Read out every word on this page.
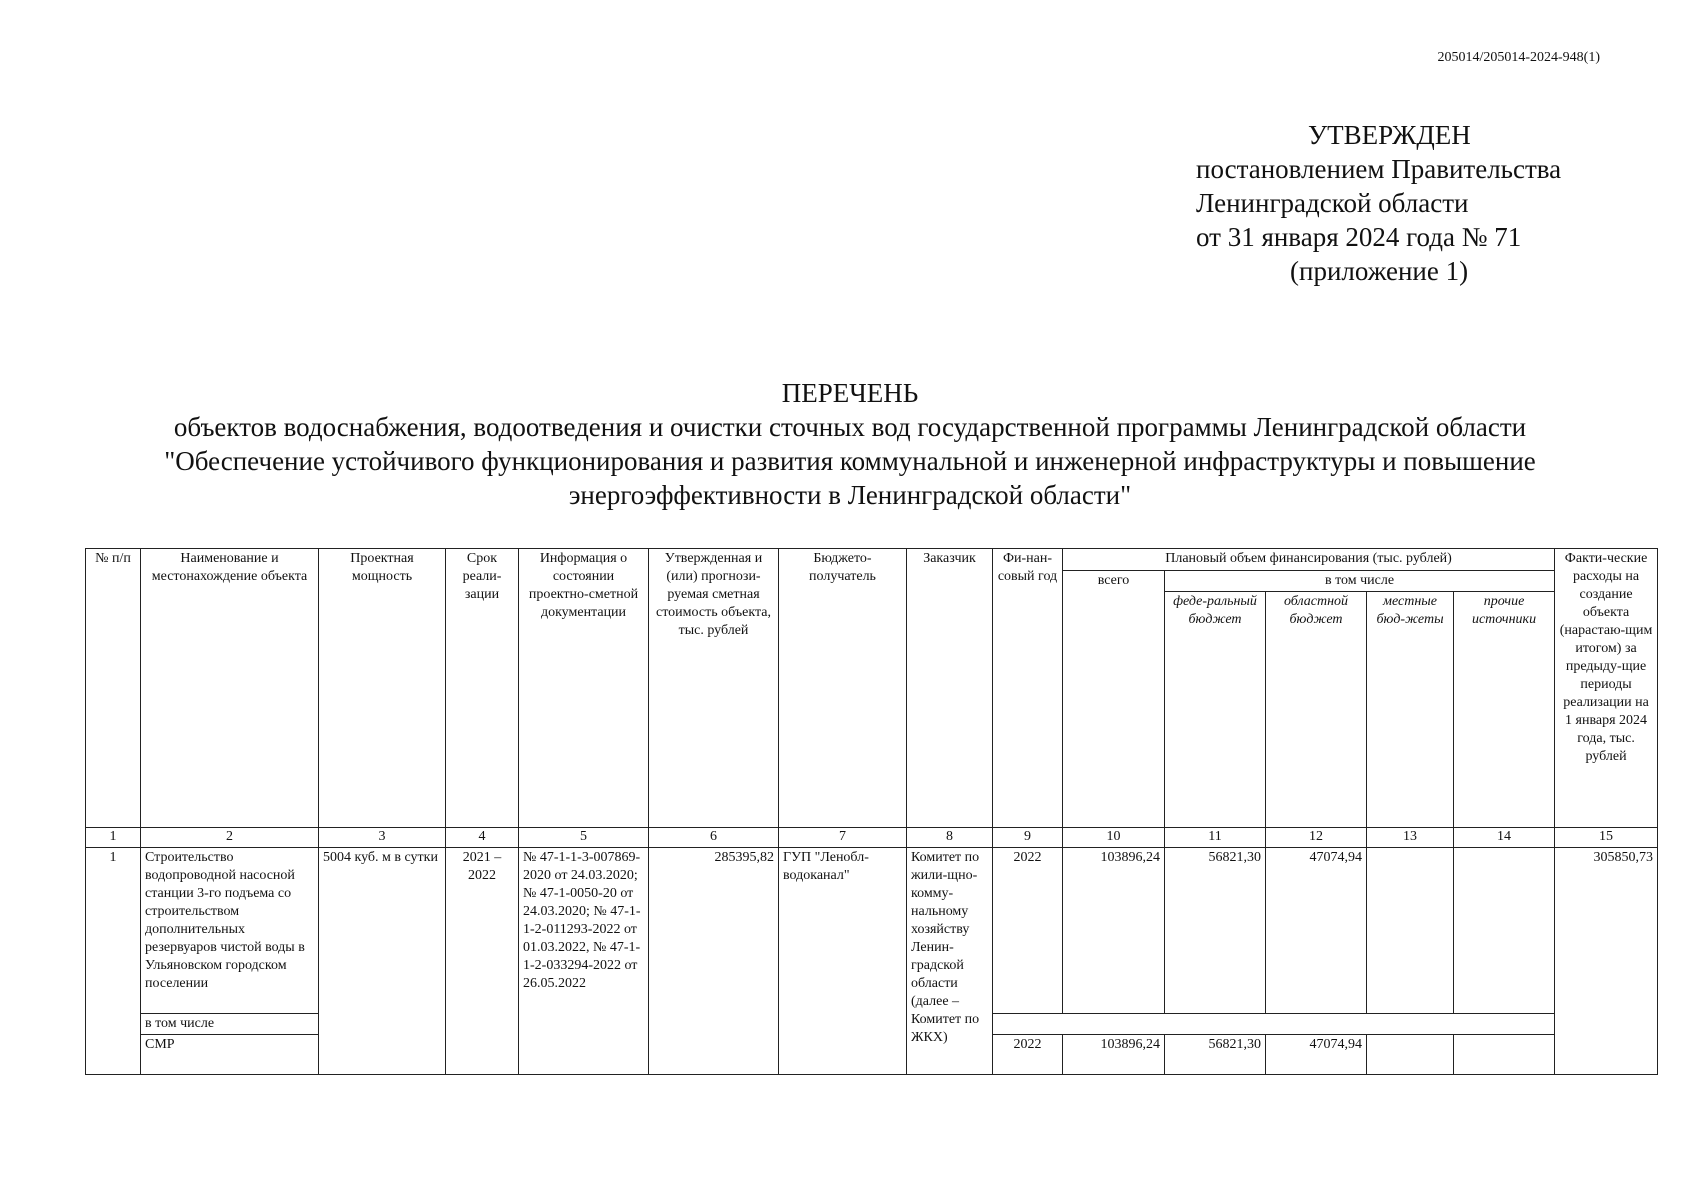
205014/205014-2024-948(1)
УТВЕРЖДЕН
постановлением Правительства
Ленинградской области
от 31 января 2024 года № 71
(приложение 1)
ПЕРЕЧЕНЬ
объектов водоснабжения, водоотведения и очистки сточных вод государственной программы Ленинградской области
"Обеспечение устойчивого функционирования и развития коммунальной и инженерной инфраструктуры и повышение
энергоэффективности в Ленинградской области"
№ п/п	Наименование и местонахождение объекта	Проектная мощность	Срок реали-зации	Информация о состоянии проектно-сметной документации	Утвержденная и (или) прогнози-руемая сметная стоимость объекта, тыс. рублей	Бюджето-получатель	Заказчик	Фи-нан-совый год	Плановый объем финансирования (тыс. рублей)					Факти-ческие расходы на создание объекта (нарастаю-щим итогом) за предыду-щие периоды реализации на 1 января 2024 года, тыс. рублей
									всего	в том числе				
										феде-ральный бюджет	областной бюджет	местные бюд-жеты	прочие источники	
1	2	3	4	5	6	7	8	9	10	11	12	13	14	15
1	Строительство водопроводной насосной станции 3-го подъема со строительством дополнительных резервуаров чистой воды в Ульяновском городском поселении	5004 куб. м в сутки	2021 – 2022	№ 47-1-1-3-007869-2020 от 24.03.2020; № 47-1-0050-20 от 24.03.2020; № 47-1-1-2-011293-2022 от 01.03.2022, № 47-1-1-2-033294-2022 от 26.05.2022	285395,82	ГУП "Ленобл-водоканал"	Комитет по жили-щно-комму-нальному хозяйству Ленин-градской области (далее – Комитет по ЖКХ)	2022	103896,24	56821,30	47074,94			305850,73
	в том числе													
	СМР							2022	103896,24	56821,30	47074,94			
